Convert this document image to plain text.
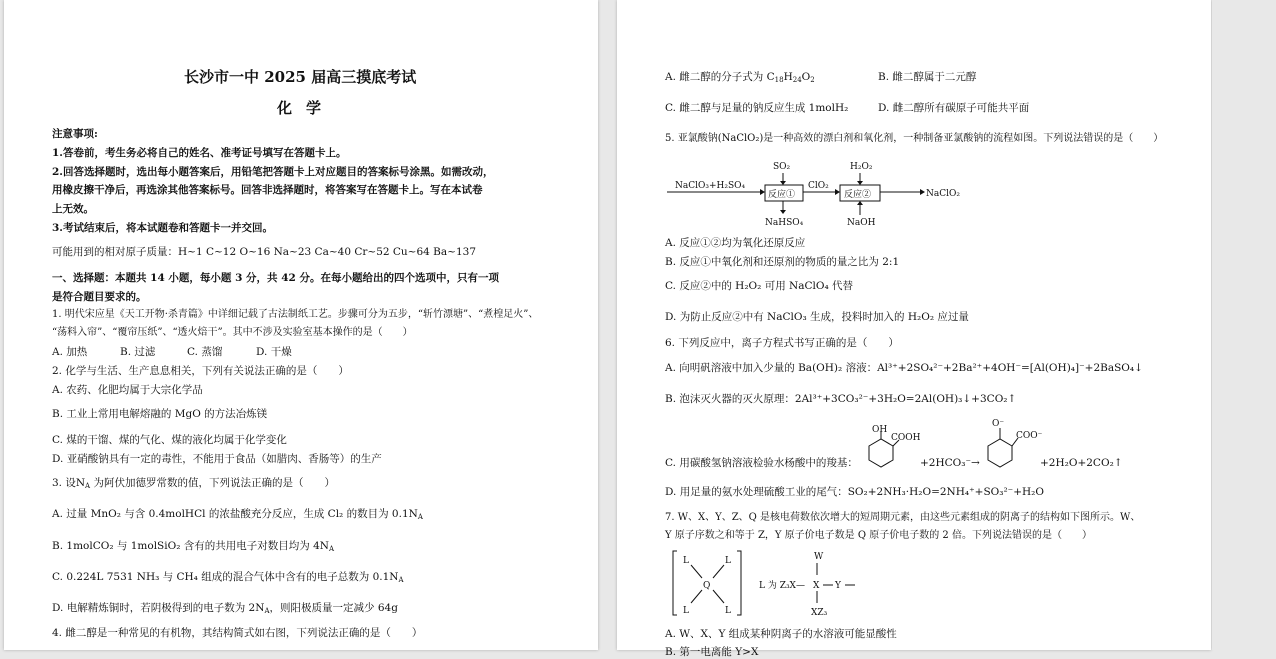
长沙市一中 2025 届高三摸底考试
化学
注意事项:
1.答卷前，考生务必将自己的姓名、准考证号填写在答题卡上。
2.回答选择题时，选出每小题答案后，用铅笔把答题卡上对应题目的答案标号涂黑。如需改动，
用橡皮擦干净后，再选涂其他答案标号。回答非选择题时，将答案写在答题卡上。写在本试卷
上无效。
3.考试结束后，将本试题卷和答题卡一并交回。
可能用到的相对原子质量：H~1 C~12 O~16 Na~23 Ca~40 Cr~52 Cu~64 Ba~137
一、选择题：本题共 14 小题，每小题 3 分，共 42 分。在每小题给出的四个选项中，只有一项
是符合题目要求的。
1. 明代宋应星《天工开物·杀青篇》中详细记载了古法制纸工艺。步骤可分为五步，“斩竹漂塘”、“煮楻足火”、
“荡料入帘”、“覆帘压纸”、“透火焙干”。其中不涉及实验室基本操作的是（　　）
A. 加热	B. 过滤	C. 蒸馏	D. 干燥
2. 化学与生活、生产息息相关，下列有关说法正确的是（　　）
A. 农药、化肥均属于大宗化学品
B. 工业上常用电解熔融的 MgO 的方法冶炼镁
C. 煤的干馏、煤的气化、煤的液化均属于化学变化
D. 亚硝酸钠具有一定的毒性，不能用于食品（如腊肉、香肠等）的生产
3. 设$N_A$ 为阿伏加德罗常数的值，下列说法正确的是（　　）
A. 过量 MnO₂ 与含 0.4molHCl 的浓盐酸充分反应，生成 Cl₂ 的数目为 $0.1N_A$
B. 1molCO₂ 与 1molSiO₂ 含有的共用电子对数目均为 $4N_A$
C. 0.224L 7531 NH₃ 与 CH₄ 组成的混合气体中含有的电子总数为 $0.1N_A$
D. 电解精炼铜时，若阴极得到的电子数为 $2N_A$，则阳极质量一定减少 64g
4. 雌二醇是一种常见的有机物，其结构简式如右图，下列说法正确的是（　　）
A. 雌二醇的分子式为 $C_{18}H_{24}O_2$	B. 雌二醇属于二元醇
C. 雌二醇与足量的钠反应生成 1molH₂	D. 雌二醇所有碳原子可能共平面
5. 亚氯酸钠(NaClO₂)是一种高效的漂白剂和氧化剂，一种制备亚氯酸钠的流程如图。下列说法错误的是（　　）
NaClO₃+H₂SO₄
SO₂
反应①
ClO₂
NaHSO₄
H₂O₂
反应②	NaClO₂
NaOH
A. 反应①②均为氧化还原反应
B. 反应①中氧化剂和还原剂的物质的量之比为 2:1
C. 反应②中的 H₂O₂ 可用 NaClO₄ 代替
D. 为防止反应②中有 NaClO₃ 生成，投料时加入的 H₂O₂ 应过量
6. 下列反应中，离子方程式书写正确的是（　　）
A. 向明矾溶液中加入少量的 Ba(OH)₂ 溶液：Al³⁺+2SO₄²⁻+2Ba²⁺+4OH⁻=[Al(OH)₄]⁻+2BaSO₄↓
B. 泡沫灭火器的灭火原理：2Al³⁺+3CO₃²⁻+3H₂O=2Al(OH)₃↓+3CO₂↑
C. 用碳酸氢钠溶液检验水杨酸中的羧基：
OH
COOH
+2HCO₃⁻→
O⁻
COO⁻
+2H₂O+2CO₂↑
D. 用足量的氨水处理硫酸工业的尾气：SO₂+2NH₃·H₂O=2NH₄⁺+SO₃²⁻+H₂O
7. W、X、Y、Z、Q 是核电荷数依次增大的短周期元素，由这些元素组成的阴离子的结构如下图所示。W、
Y 原子序数之和等于 Z，Y 原子价电子数是 Q 原子价电子数的 2 倍。下列说法错误的是（　　）
L	L
L	L
Q	L 为 Z₃X—
W
X Y
XZ₃
A. W、X、Y 组成某种阴离子的水溶液可能显酸性
B. 第一电离能 Y>X
